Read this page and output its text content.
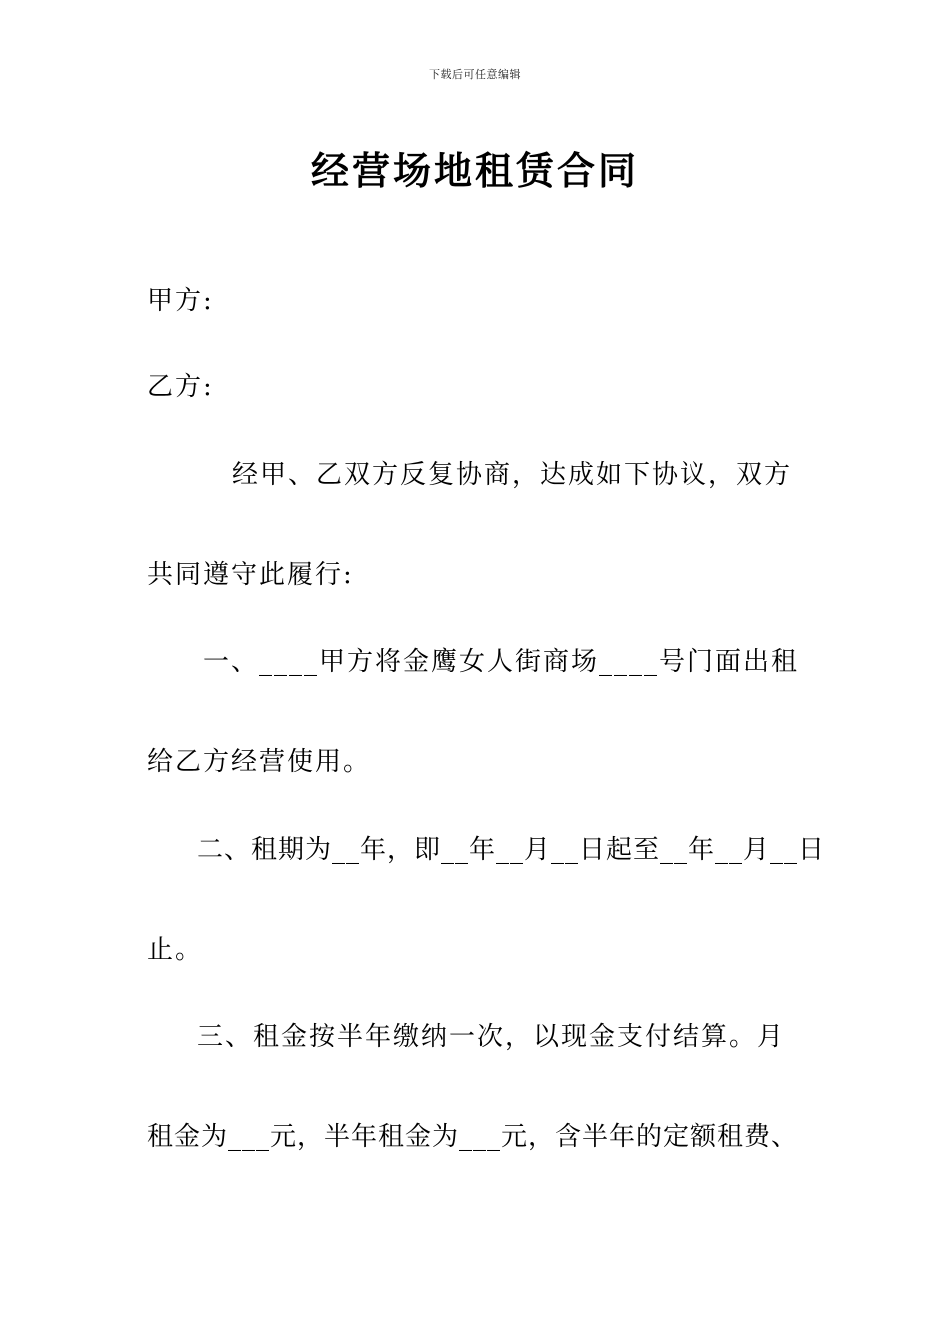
下载后可任意编辑
经营场地租赁合同
甲方:
乙方:
经甲、乙双方反复协商，达成如下协议，双方
共同遵守此履行:
一、____甲方将金鹰女人街商场____号门面出租
给乙方经营使用。
二、租期为__年，即__年__月__日起至__年__月__日
止。
三、租金按半年缴纳一次，以现金支付结算。月
租金为___元，半年租金为___元，含半年的定额租费、
